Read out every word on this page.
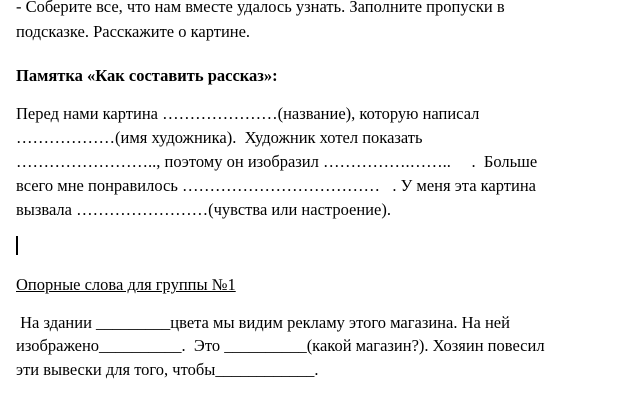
- Соберите все, что нам вместе удалось узнать. Заполните пропуски в
подсказке. Расскажите о картине.
Памятка «Как составить рассказ»:
Перед нами картина …………………(название), которую написал
………………(имя художника).  Художник хотел показать
…………………….., поэтому он изобразил …………….……..     .  Больше
всего мне понравилось ………………………………   . У меня эта картина
вызвала ……………………(чувства или настроение).
Опорные слова для группы №1
На здании _________цвета мы видим рекламу этого магазина. На ней
изображено__________.  Это __________(какой магазин?). Хозяин повесил
эти вывески для того, чтобы____________.
